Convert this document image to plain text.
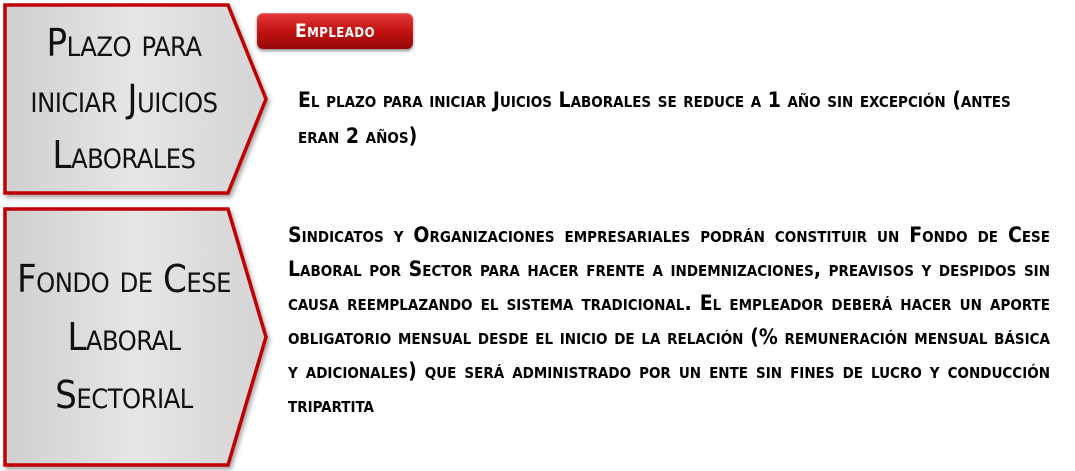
Plazo para
iniciar Juicios
Laborales
Fondo de Cese
Laboral
Sectorial
Empleado
El plazo para iniciar Juicios Laborales se reduce a 1 año sin excepción (antes eran 2 años)
Sindicatos y Organizaciones empresariales podrán constituir un Fondo de Cese Laboral por Sector para hacer frente a indemnizaciones, preavisos y despidos sin causa reemplazando el sistema tradicional. El empleador deberá hacer un aporte obligatorio mensual desde el inicio de la relación (% remuneración mensual básica y adicionales) que será administrado por un ente sin fines de lucro y conducción tripartita
